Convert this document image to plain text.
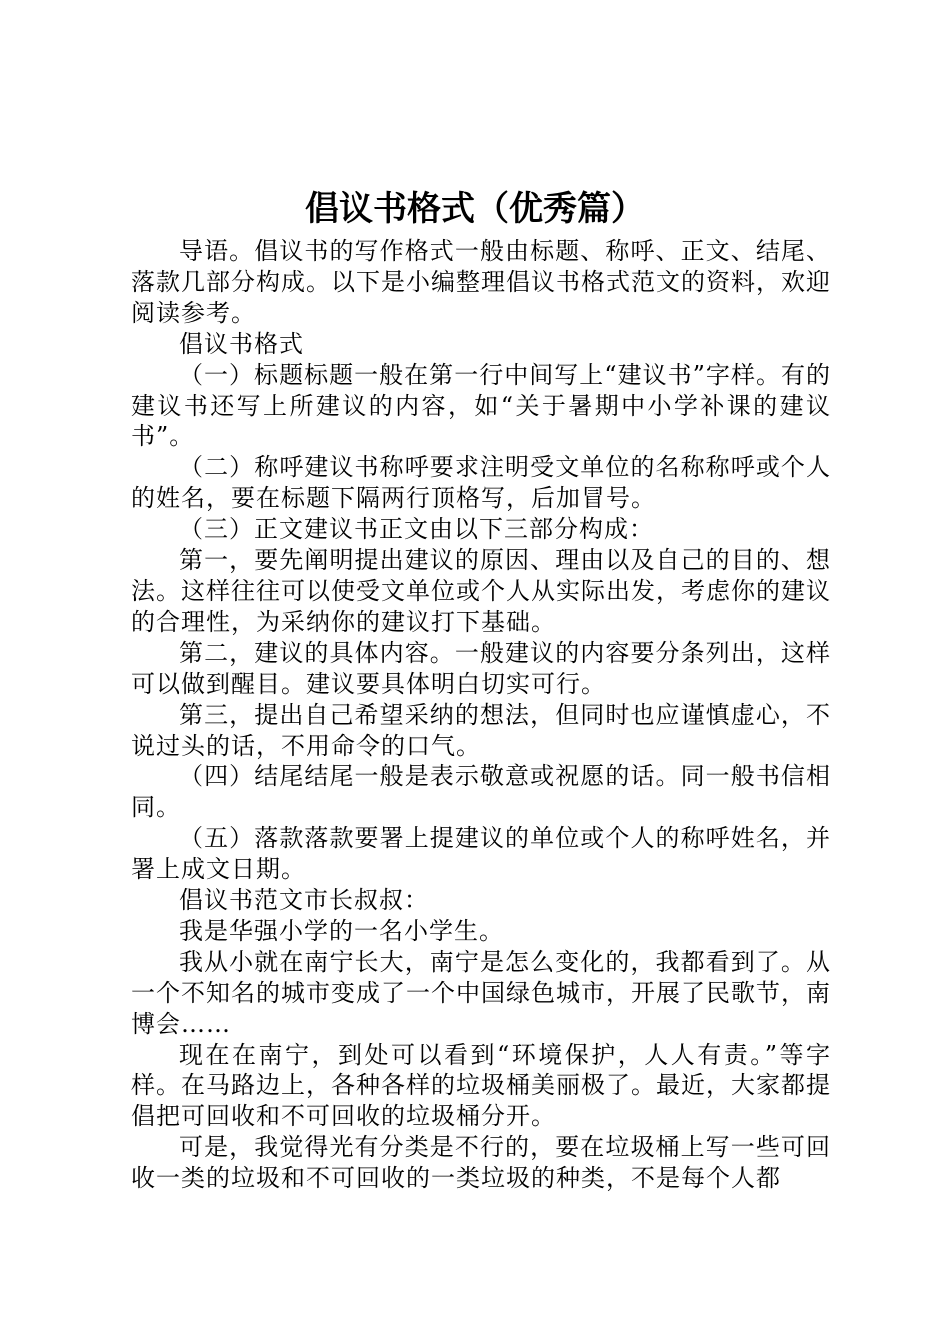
倡议书格式（优秀篇）

导语。倡议书的写作格式一般由标题、称呼、正文、结尾、落款几部分构成。以下是小编整理倡议书格式范文的资料，欢迎阅读参考。

倡议书格式

（一）标题标题一般在第一行中间写上“建议书”字样。有的建议书还写上所建议的内容，如“关于暑期中小学补课的建议书”。

（二）称呼建议书称呼要求注明受文单位的名称称呼或个人的姓名，要在标题下隔两行顶格写，后加冒号。

（三）正文建议书正文由以下三部分构成：

第一，要先阐明提出建议的原因、理由以及自己的目的、想法。这样往往可以使受文单位或个人从实际出发，考虑你的建议的合理性，为采纳你的建议打下基础。

第二，建议的具体内容。一般建议的内容要分条列出，这样可以做到醒目。建议要具体明白切实可行。

第三，提出自己希望采纳的想法，但同时也应谨慎虚心，不说过头的话，不用命令的口气。

（四）结尾结尾一般是表示敬意或祝愿的话。同一般书信相同。

（五）落款落款要署上提建议的单位或个人的称呼姓名，并署上成文日期。

倡议书范文市长叔叔：

我是华强小学的一名小学生。

我从小就在南宁长大，南宁是怎么变化的，我都看到了。从一个不知名的城市变成了一个中国绿色城市，开展了民歌节，南博会……

现在在南宁，到处可以看到“环境保护，人人有责。”等字样。在马路边上，各种各样的垃圾桶美丽极了。最近，大家都提倡把可回收和不可回收的垃圾桶分开。

可是，我觉得光有分类是不行的，要在垃圾桶上写一些可回收一类的垃圾和不可回收的一类垃圾的种类，不是每个人都
